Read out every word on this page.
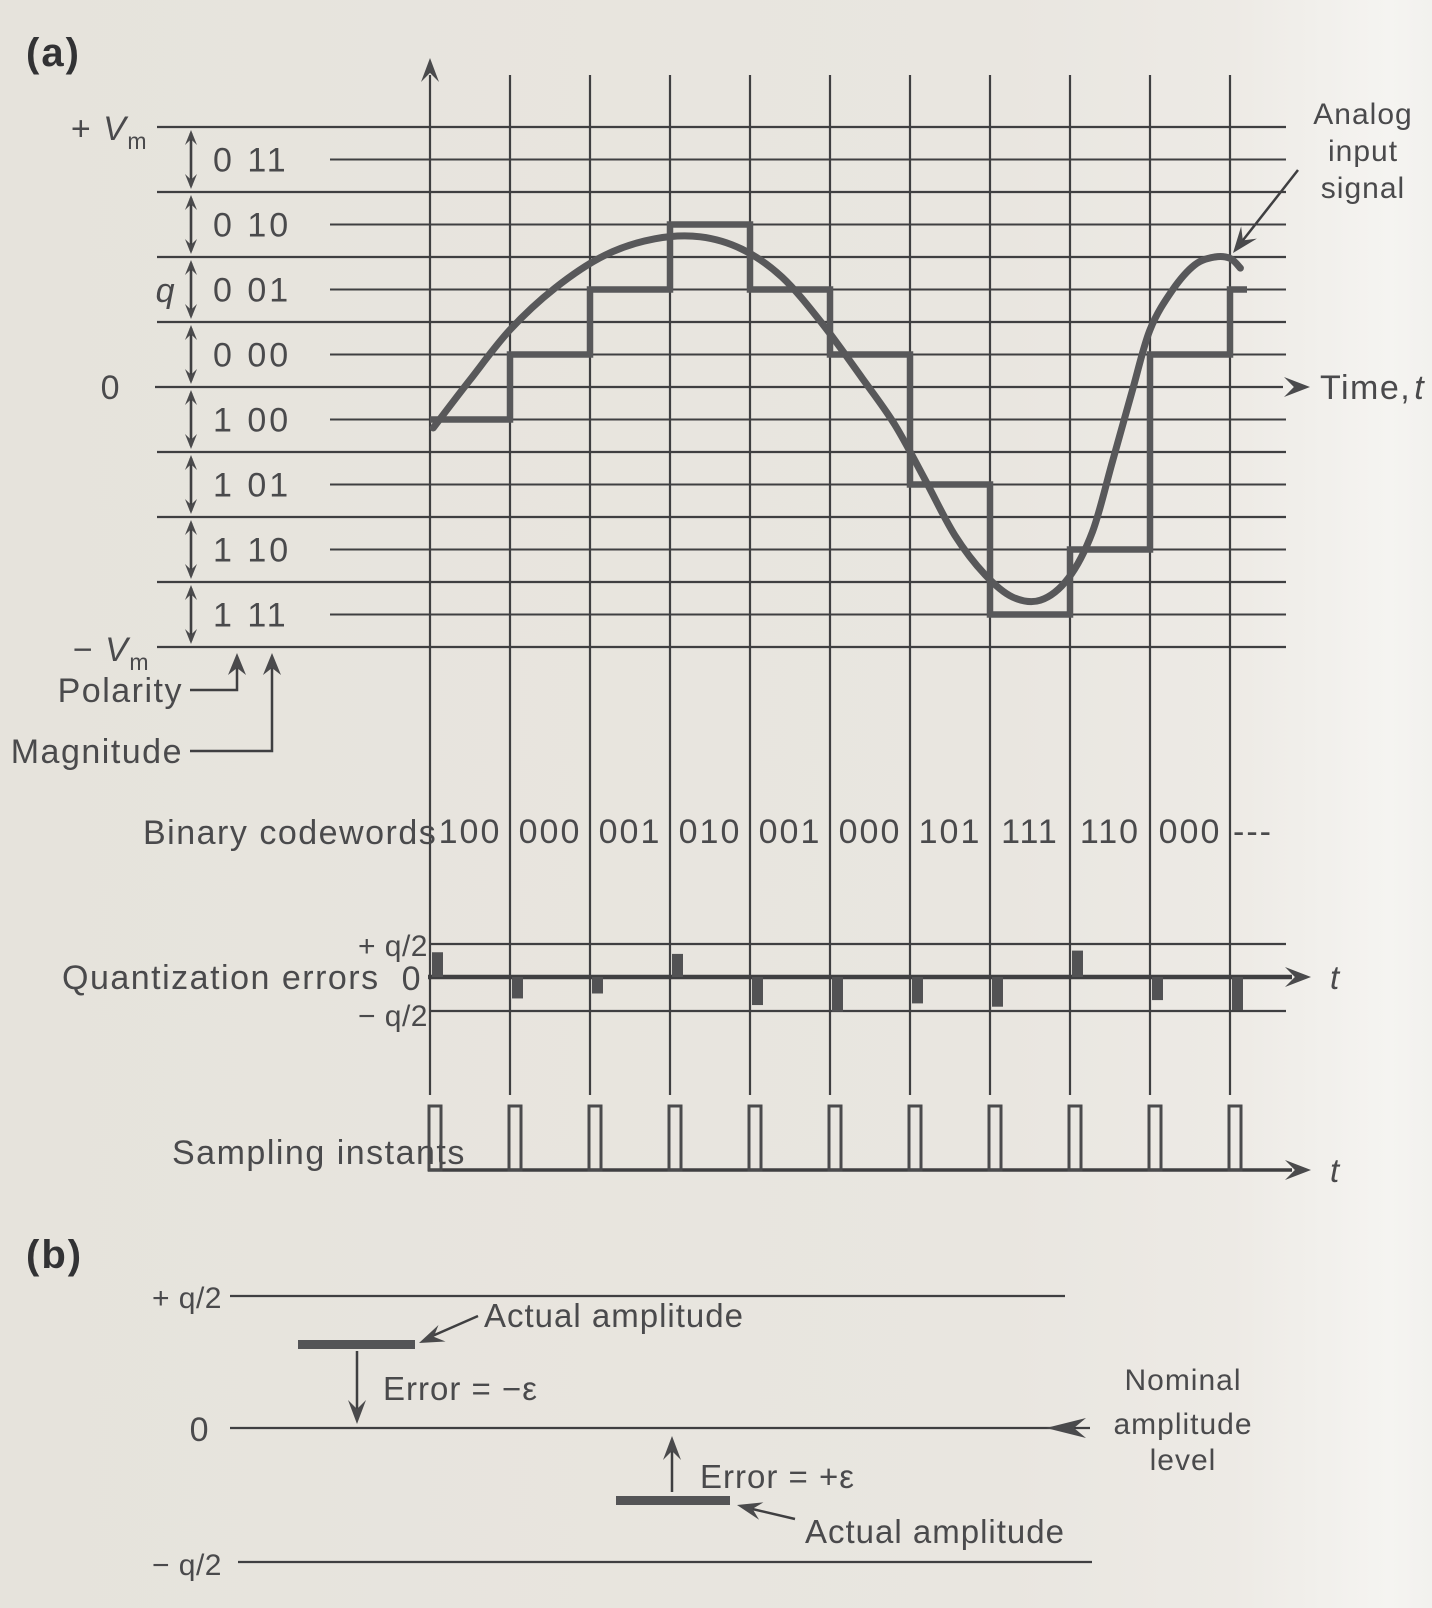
0 11
0 10
0 01
0 00
1 00
1 01
1 10
1 11
100 000 001 010 001 000 101 111 110 000 ---
(a)
+ $V_m$
q
0
− $V_m$
Polarity
Magnitude
Analog
input
signal
Time,t
Binary codewords
Quantization errors
+ q/2
0
− q/2
t
Sampling instants	t
(b)
+ q/2	Actual amplitude
Error = −ε
0
Nominal
amplitude
level
Error = +ε
Actual amplitude
− q/2
